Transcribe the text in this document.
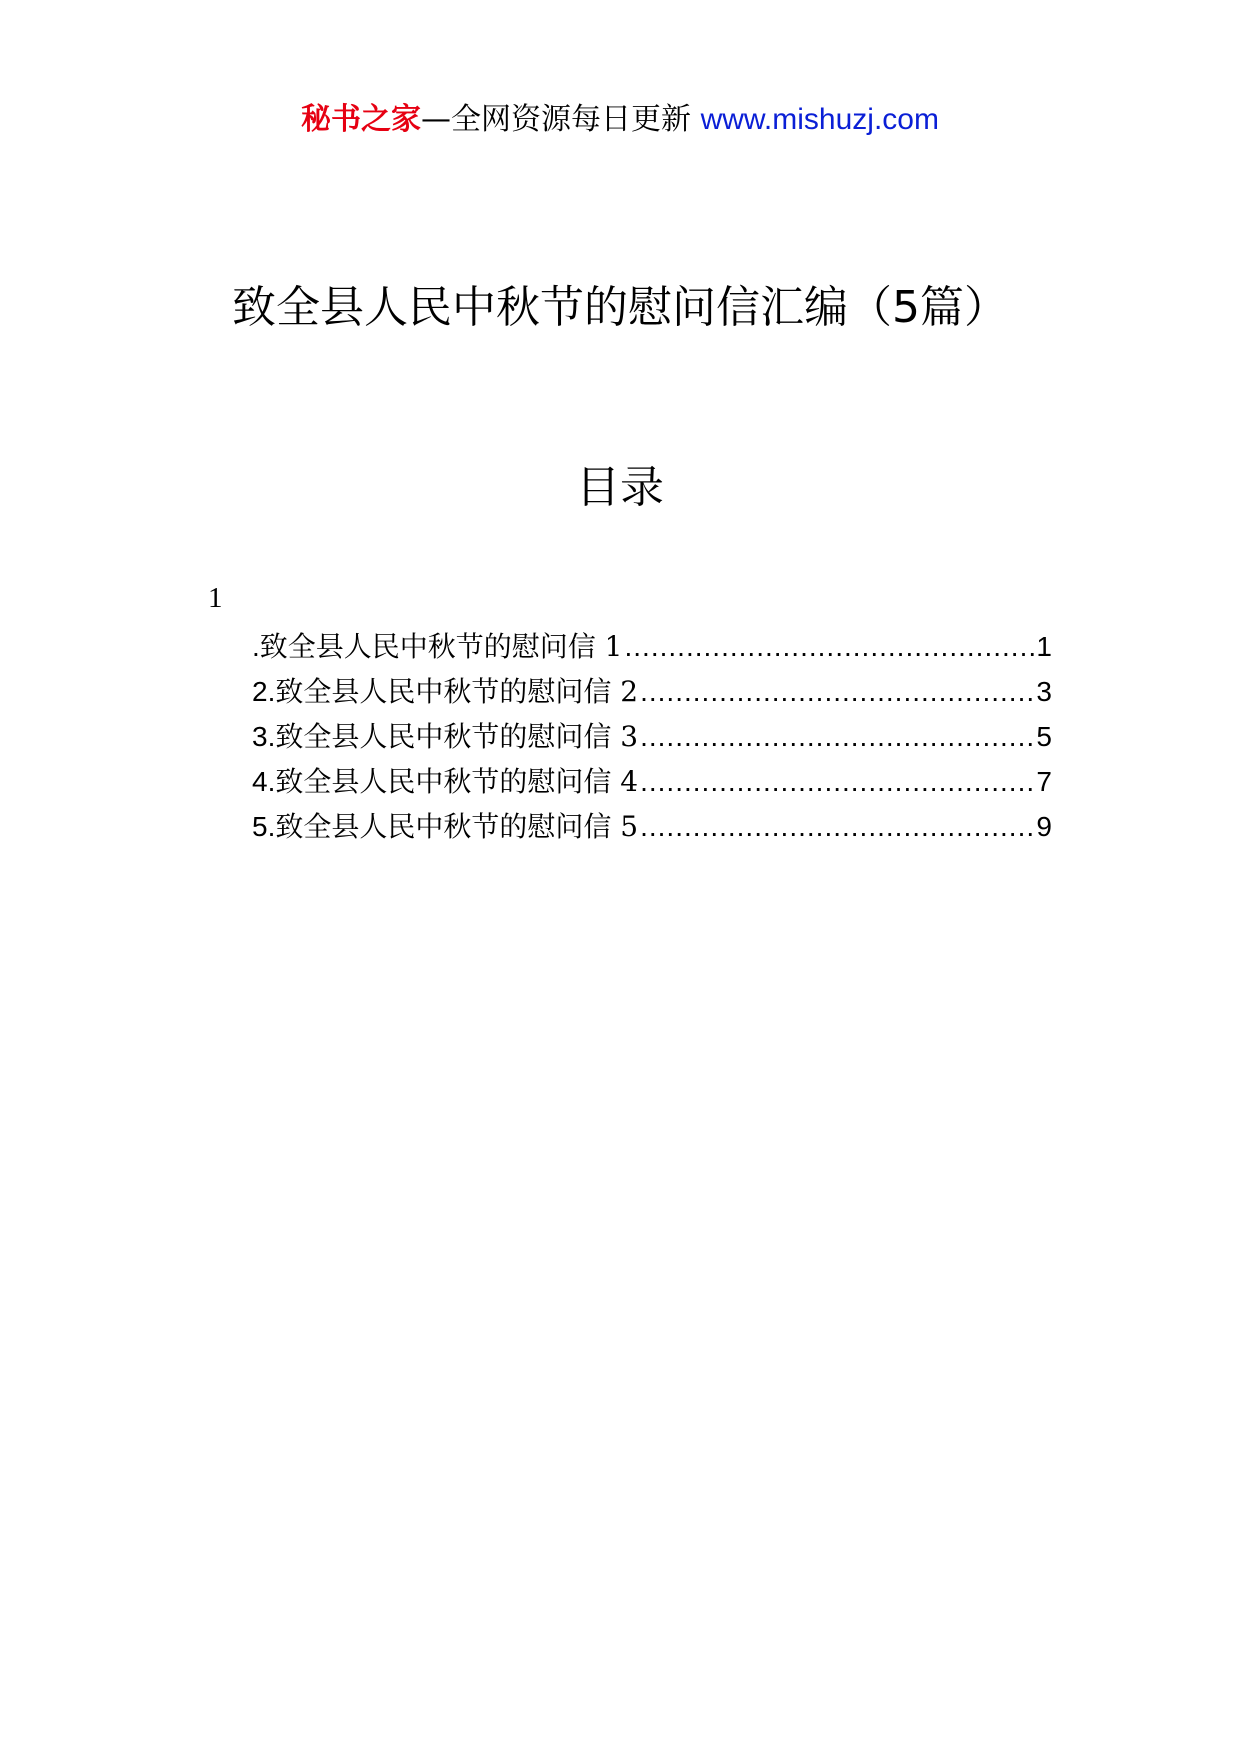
秘书之家—全网资源每日更新 www.mishuzj.com
致全县人民中秋节的慰问信汇编（5篇）
目录
1
.致全县人民中秋节的慰问信 1 .....	1
2.致全县人民中秋节的慰问信 2 .....	3
3.致全县人民中秋节的慰问信 3 .....	5
4.致全县人民中秋节的慰问信 4 .....	7
5.致全县人民中秋节的慰问信 5 .....	9
